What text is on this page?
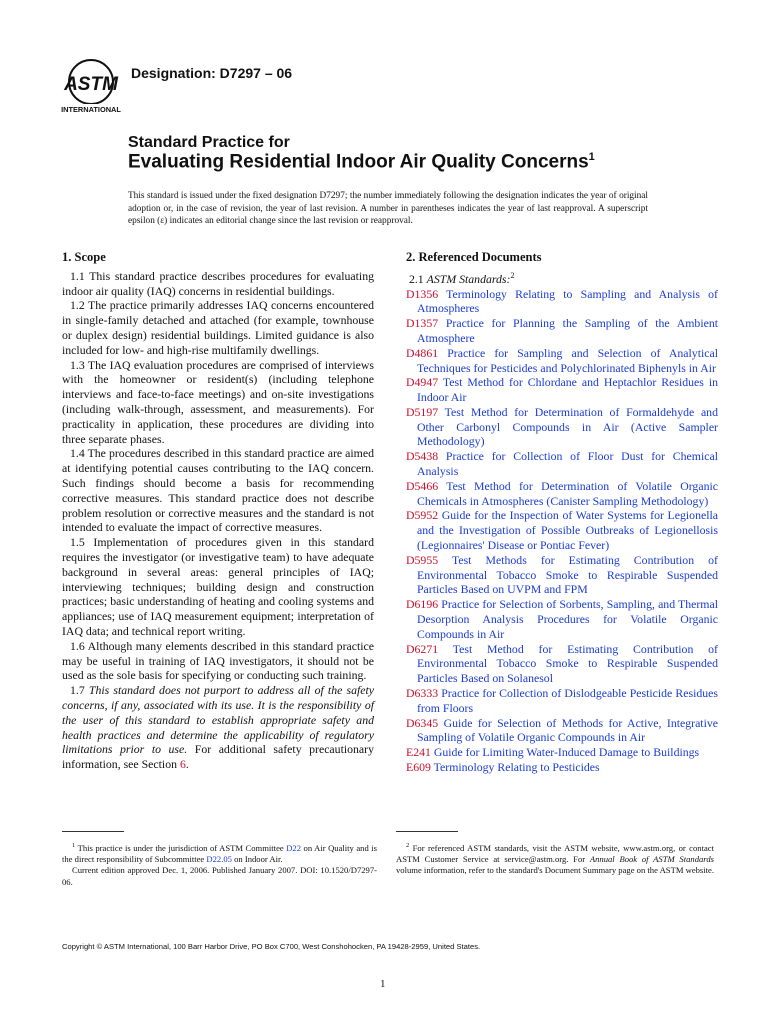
ASTM
INTERNATIONAL
Designation: D7297 – 06
Standard Practice for
Evaluating Residential Indoor Air Quality Concerns$^1$
This standard is issued under the fixed designation D7297; the number immediately following the designation indicates the year of original adoption or, in the case of revision, the year of last revision. A number in parentheses indicates the year of last reapproval. A superscript epsilon (ε) indicates an editorial change since the last revision or reapproval.
1. Scope

1.1 This standard practice describes procedures for evaluating indoor air quality (IAQ) concerns in residential buildings.

1.2 The practice primarily addresses IAQ concerns encountered in single-family detached and attached (for example, townhouse or duplex design) residential buildings. Limited guidance is also included for low- and high-rise multifamily dwellings.

1.3 The IAQ evaluation procedures are comprised of interviews with the homeowner or resident(s) (including telephone interviews and face-to-face meetings) and on-site investigations (including walk-through, assessment, and measurements). For practicality in application, these procedures are dividing into three separate phases.

1.4 The procedures described in this standard practice are aimed at identifying potential causes contributing to the IAQ concern. Such findings should become a basis for recommending corrective measures. This standard practice does not describe problem resolution or corrective measures and the standard is not intended to evaluate the impact of corrective measures.

1.5 Implementation of procedures given in this standard requires the investigator (or investigative team) to have adequate background in several areas: general principles of IAQ; interviewing techniques; building design and construction practices; basic understanding of heating and cooling systems and appliances; use of IAQ measurement equipment; interpretation of IAQ data; and technical report writing.

1.6 Although many elements described in this standard practice may be useful in training of IAQ investigators, it should not be used as the sole basis for specifying or conducting such training.

1.7 This standard does not purport to address all of the safety concerns, if any, associated with its use. It is the responsibility of the user of this standard to establish appropriate safety and health practices and determine the applicability of regulatory limitations prior to use. For additional safety precautionary information, see Section 6.

2. Referenced Documents

2.1 ASTM Standards:$^2$

D1356 Terminology Relating to Sampling and Analysis of Atmospheres

D1357 Practice for Planning the Sampling of the Ambient Atmosphere

D4861 Practice for Sampling and Selection of Analytical Techniques for Pesticides and Polychlorinated Biphenyls in Air

D4947 Test Method for Chlordane and Heptachlor Residues in Indoor Air

D5197 Test Method for Determination of Formaldehyde and Other Carbonyl Compounds in Air (Active Sampler Methodology)

D5438 Practice for Collection of Floor Dust for Chemical Analysis

D5466 Test Method for Determination of Volatile Organic Chemicals in Atmospheres (Canister Sampling Methodology)

D5952 Guide for the Inspection of Water Systems for Legionella and the Investigation of Possible Outbreaks of Legionellosis (Legionnaires' Disease or Pontiac Fever)

D5955 Test Methods for Estimating Contribution of Environmental Tobacco Smoke to Respirable Suspended Particles Based on UVPM and FPM

D6196 Practice for Selection of Sorbents, Sampling, and Thermal Desorption Analysis Procedures for Volatile Organic Compounds in Air

D6271 Test Method for Estimating Contribution of Environmental Tobacco Smoke to Respirable Suspended Particles Based on Solanesol

D6333 Practice for Collection of Dislodgeable Pesticide Residues from Floors

D6345 Guide for Selection of Methods for Active, Integrative Sampling of Volatile Organic Compounds in Air

E241 Guide for Limiting Water-Induced Damage to Buildings

E609 Terminology Relating to Pesticides

$^1$ This practice is under the jurisdiction of ASTM Committee D22 on Air Quality and is the direct responsibility of Subcommittee D22.05 on Indoor Air.

Current edition approved Dec. 1, 2006. Published January 2007. DOI: 10.1520/D7297-06.

$^2$ For referenced ASTM standards, visit the ASTM website, www.astm.org, or contact ASTM Customer Service at service@astm.org. For Annual Book of ASTM Standards volume information, refer to the standard's Document Summary page on the ASTM website.

Copyright © ASTM International, 100 Barr Harbor Drive, PO Box C700, West Conshohocken, PA 19428-2959, United States.
1
